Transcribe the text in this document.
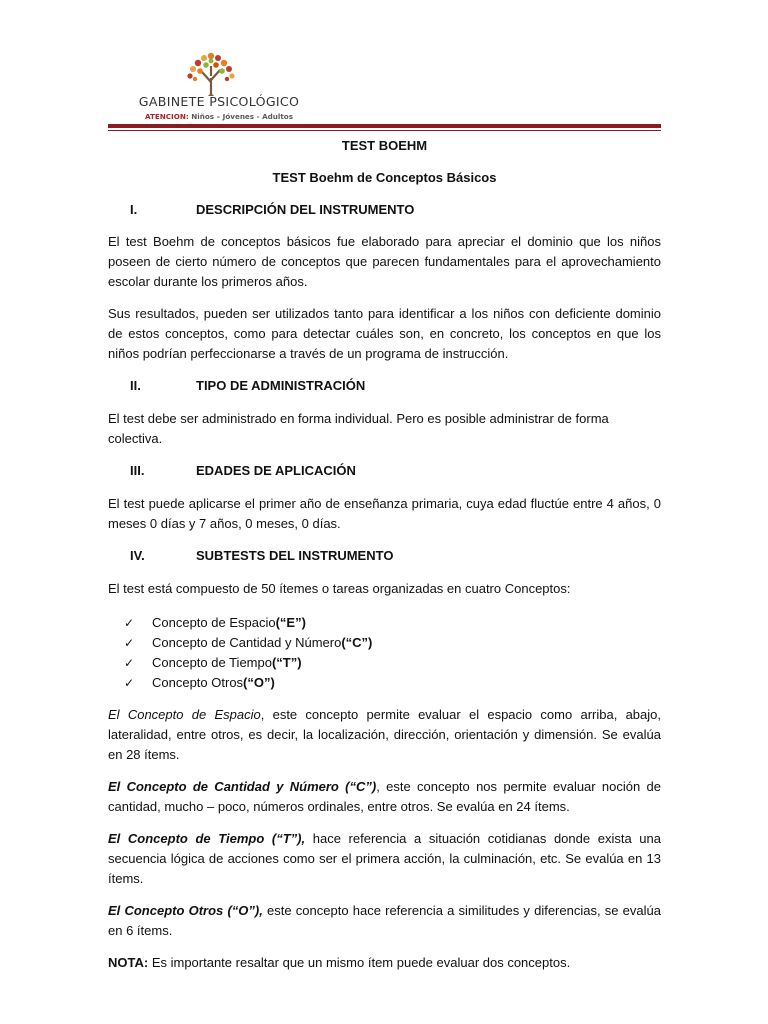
GABINETE PSICOLÓGICO
ATENCION: Niños – Jóvenes - Adultos
TEST BOEHM
TEST Boehm de Conceptos Básicos
I.	DESCRIPCIÓN DEL INSTRUMENTO
El test Boehm de conceptos básicos fue elaborado para apreciar el dominio que los niños poseen de cierto número de conceptos que parecen fundamentales para el aprovechamiento escolar durante los primeros años.
Sus resultados, pueden ser utilizados tanto para identificar a los niños con deficiente dominio de estos conceptos, como para detectar cuáles son, en concreto, los conceptos en que los niños podrían perfeccionarse a través de un programa de instrucción.
II.	TIPO DE ADMINISTRACIÓN
El test debe ser administrado en forma individual. Pero es posible administrar de forma colectiva.
III.	EDADES DE APLICACIÓN
El test puede aplicarse el primer año de enseñanza primaria, cuya edad fluctúe entre 4 años, 0 meses 0 días y 7 años, 0 meses, 0 días.
IV.	SUBTESTS DEL INSTRUMENTO
El test está compuesto de 50 ítemes o tareas organizadas en cuatro Conceptos:
✓	Concepto de Espacio (“E”)
✓	Concepto de Cantidad y Número (“C”)
✓	Concepto de Tiempo (“T”)
✓	Concepto Otros (“O”)
El Concepto de Espacio, este concepto permite evaluar el espacio como arriba, abajo, lateralidad, entre otros, es decir, la localización, dirección, orientación y dimensión. Se evalúa en 28 ítems.
El Concepto de Cantidad y Número (“C”), este concepto nos permite evaluar noción de cantidad, mucho – poco, números ordinales, entre otros. Se evalúa en 24 ítems.
El Concepto de Tiempo (“T”), hace referencia a situación cotidianas donde exista una secuencia lógica de acciones como ser el primera acción, la culminación, etc. Se evalúa en 13 ítems.
El Concepto Otros (“O”), este concepto hace referencia a similitudes y diferencias, se evalúa en 6 ítems.
NOTA: Es importante resaltar que un mismo ítem puede evaluar dos conceptos.
